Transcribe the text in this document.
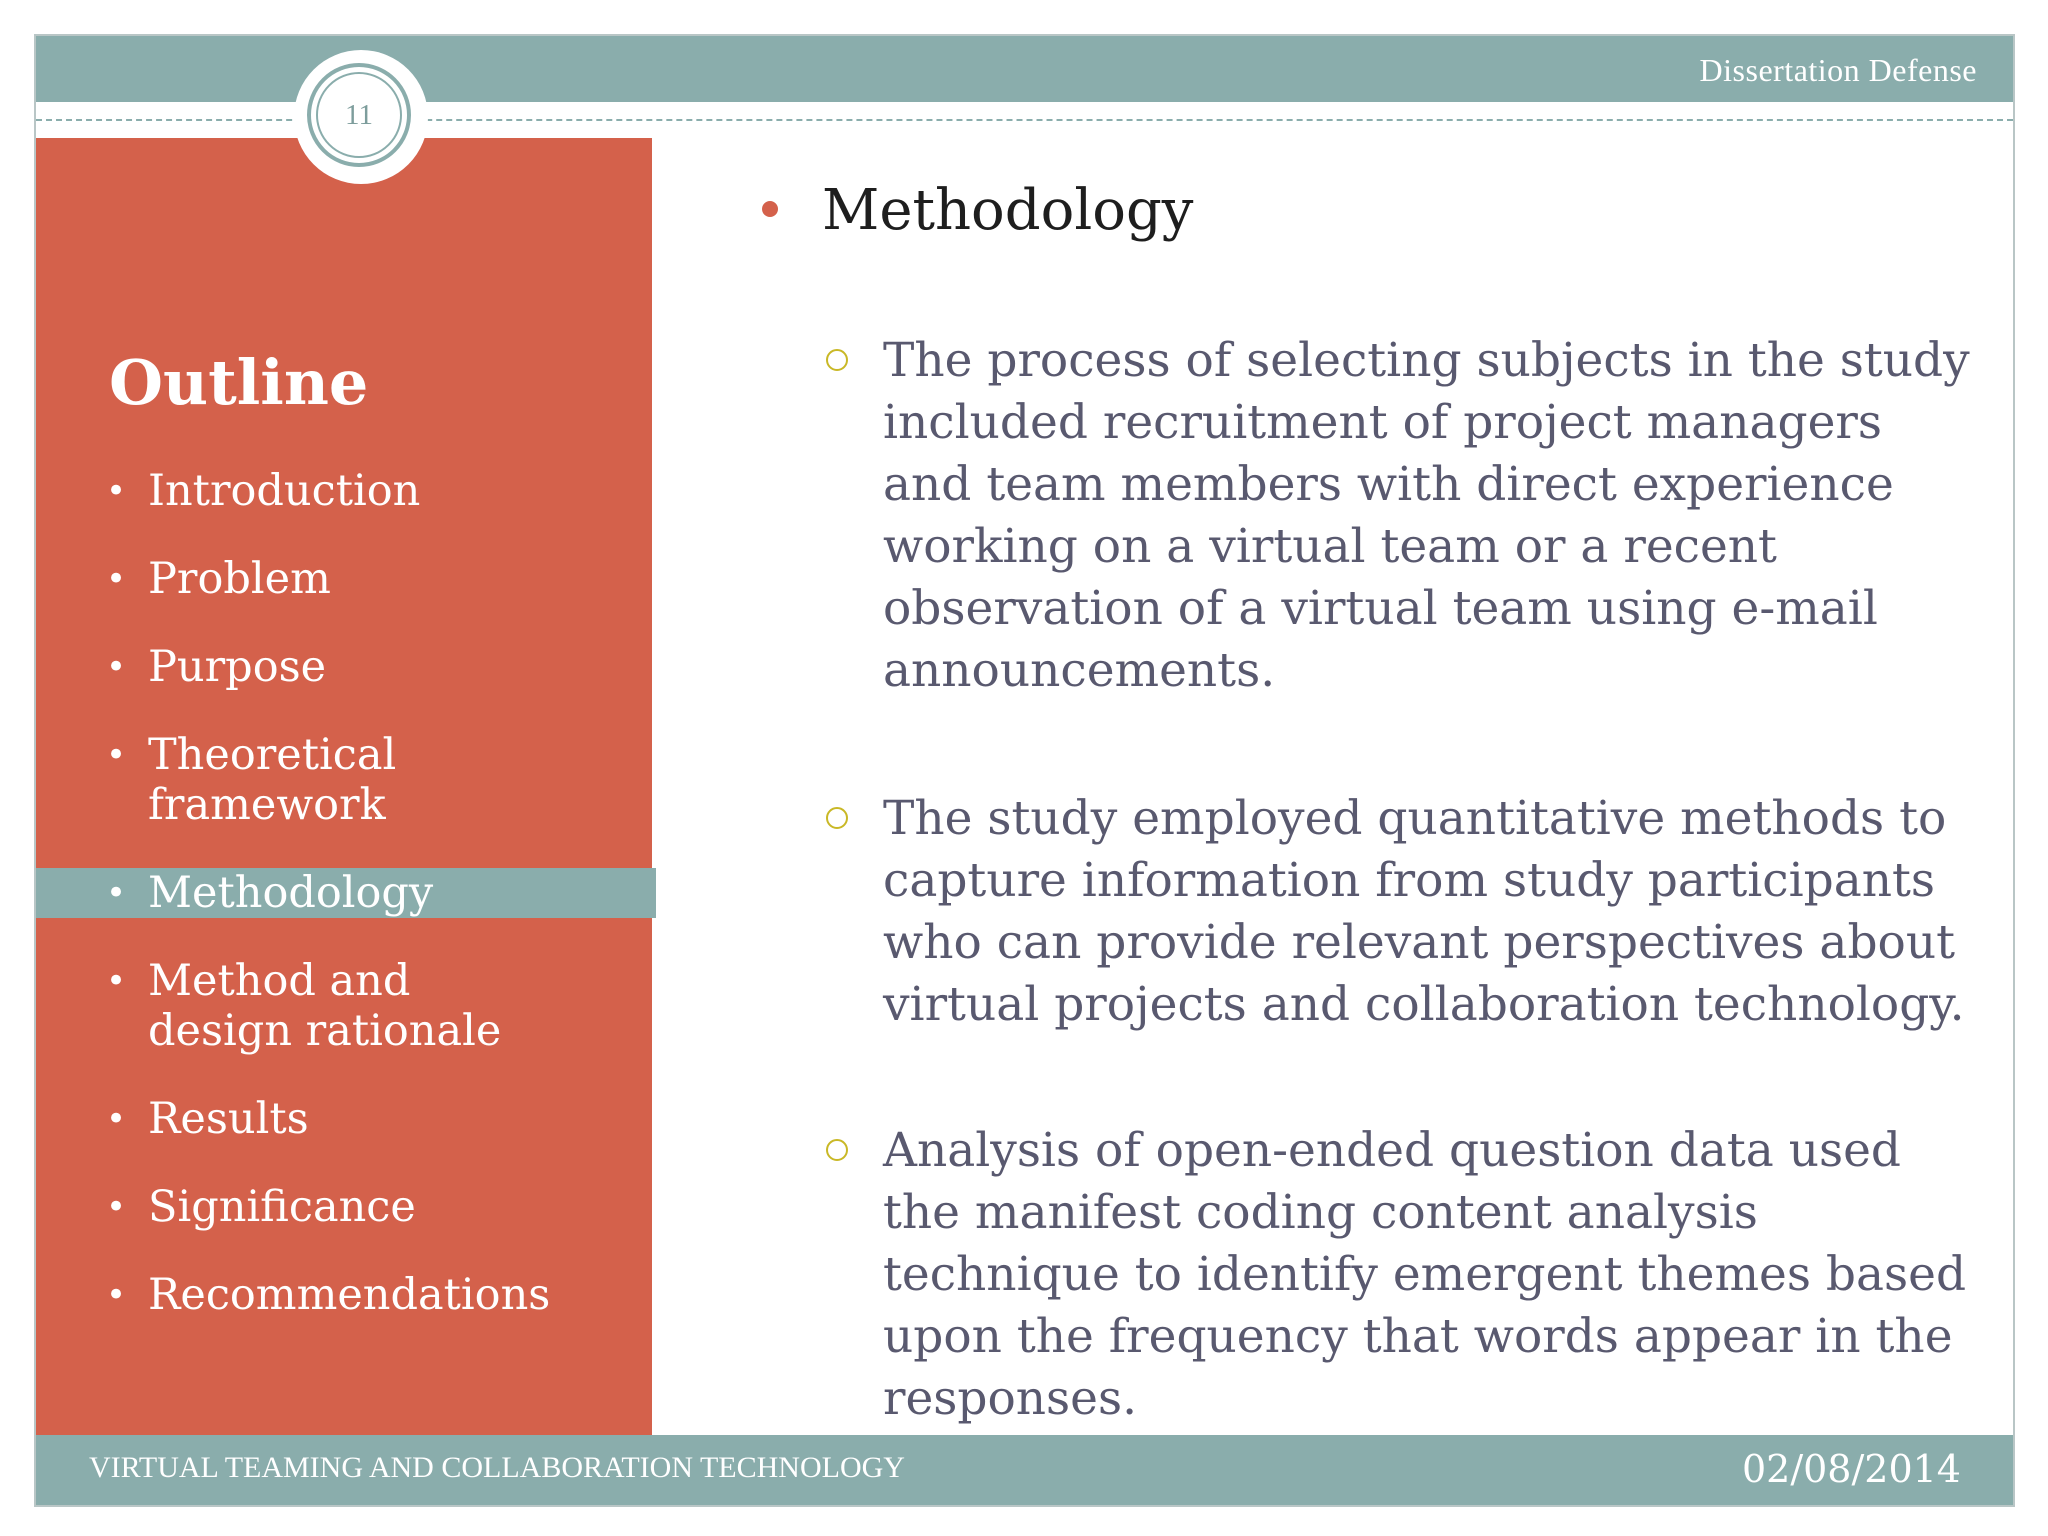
Dissertation Defense
11
Outline
• Introduction
• Problem
• Purpose
• Theoretical framework
• Methodology
• Method and design rationale
• Results
• Significance
• Recommendations
Methodology
The process of selecting subjects in the study included recruitment of project managers and team members with direct experience working on a virtual team or a recent observation of a virtual team using e-mail announcements.
The study employed quantitative methods to capture information from study participants who can provide relevant perspectives about virtual projects and collaboration technology.
Analysis of open-ended question data used the manifest coding content analysis technique to identify emergent themes based upon the frequency that words appear in the responses.
VIRTUAL TEAMING AND COLLABORATION TECHNOLOGY	02/08/2014
